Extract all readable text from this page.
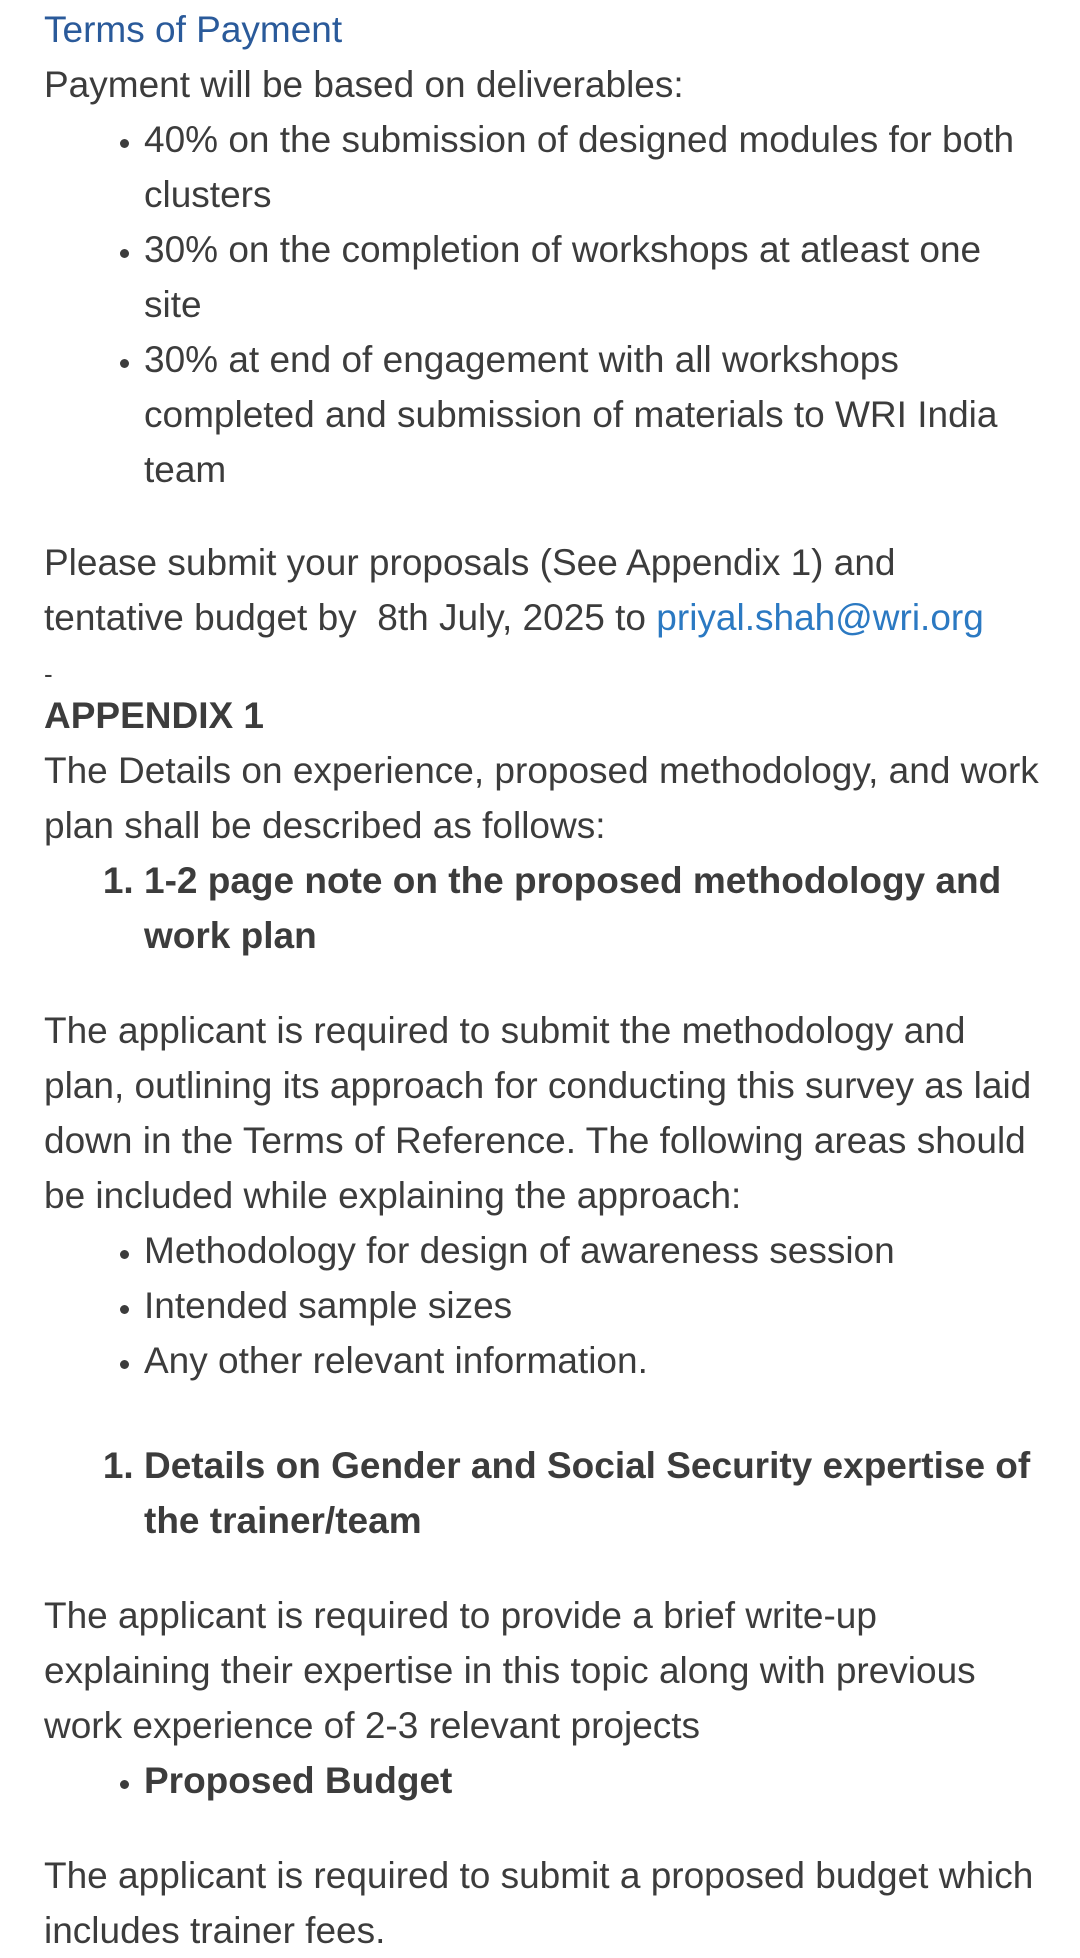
Terms of Payment

Payment will be based on deliverables:

• 40% on the submission of designed modules for both clusters
• 30% on the completion of workshops at atleast one site
• 30% at end of engagement with all workshops completed and submission of materials to WRI India team

Please submit your proposals (See Appendix 1) and tentative budget by  8th July, 2025 to priyal.shah@wri.org

-

APPENDIX 1

The Details on experience, proposed methodology, and work plan shall be described as follows:

1. 1-2 page note on the proposed methodology and work plan

The applicant is required to submit the methodology and plan, outlining its approach for conducting this survey as laid down in the Terms of Reference. The following areas should be included while explaining the approach:

• Methodology for design of awareness session
• Intended sample sizes
• Any other relevant information.
1. Details on Gender and Social Security expertise of the trainer/team

The applicant is required to provide a brief write-up explaining their expertise in this topic along with previous work experience of 2-3 relevant projects

• Proposed Budget

The applicant is required to submit a proposed budget which includes trainer fees.
